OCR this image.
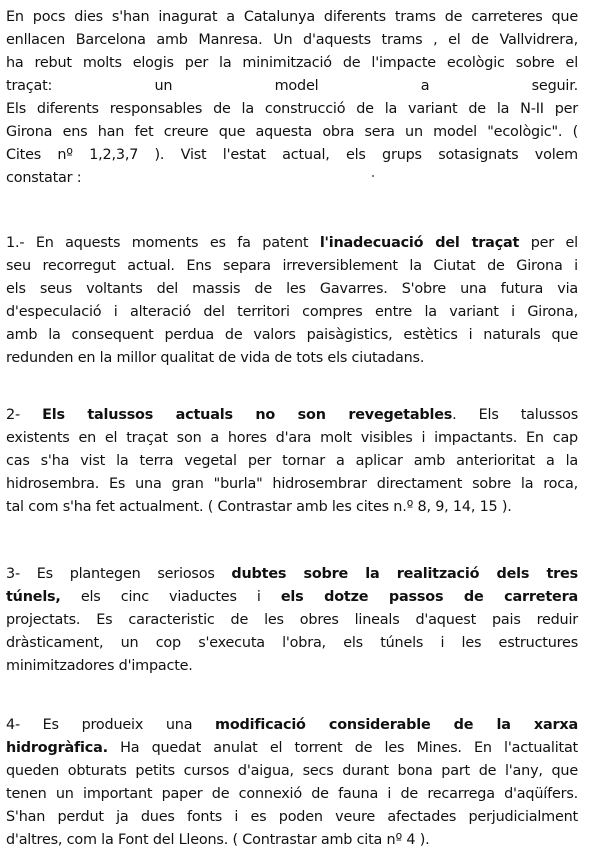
En pocs dies s'han inagurat a Catalunya diferents trams de carreteres que
enllacen Barcelona amb Manresa. Un d'aquests trams , el de Vallvidrera,
ha rebut molts elogis per la minimització de l'impacte ecològic sobre el
traçat: un model a seguir.
Els diferents responsables de la construcció de la variant de la N-II per
Girona ens han fet creure que aquesta obra sera un model "ecològic". (
Cites nº 1,2,3,7 ). Vist l'estat actual, els grups sotasignats volem
constatar :
1.- En aquests moments es fa patent l'inadecuació del traçat per el
seu recorregut actual. Ens separa irreversiblement la Ciutat de Girona i
els seus voltants del massis de les Gavarres. S'obre una futura via
d'especulació i alteració del territori compres entre la variant i Girona,
amb la consequent perdua de valors paisàgistics, estètics i naturals que
redunden en la millor qualitat de vida de tots els ciutadans.
2- Els talussos actuals no son revegetables. Els talussos
existents en el traçat son a hores d'ara molt visibles i impactants. En cap
cas s'ha vist la terra vegetal per tornar a aplicar amb anterioritat a la
hidrosembra. Es una gran "burla" hidrosembrar directament sobre la roca,
tal com s'ha fet actualment. ( Contrastar amb les cites n.º 8, 9, 14, 15 ).
3- Es plantegen seriosos dubtes sobre la realització dels tres
túnels, els cinc viaductes i els dotze passos de carretera
projectats. Es caracteristic de les obres lineals d'aquest pais reduir
dràsticament, un cop s'executa l'obra, els túnels i les estructures
minimitzadores d'impacte.
4- Es produeix una modificació considerable de la xarxa
hidrogràfica. Ha quedat anulat el torrent de les Mines. En l'actualitat
queden obturats petits cursos d'aigua, secs durant bona part de l'any, que
tenen un important paper de connexió de fauna i de recarrega d'aqüífers.
S'han perdut ja dues fonts i es poden veure afectades perjudicialment
d'altres, com la Font del Lleons. ( Contrastar amb cita nº 4 ).
